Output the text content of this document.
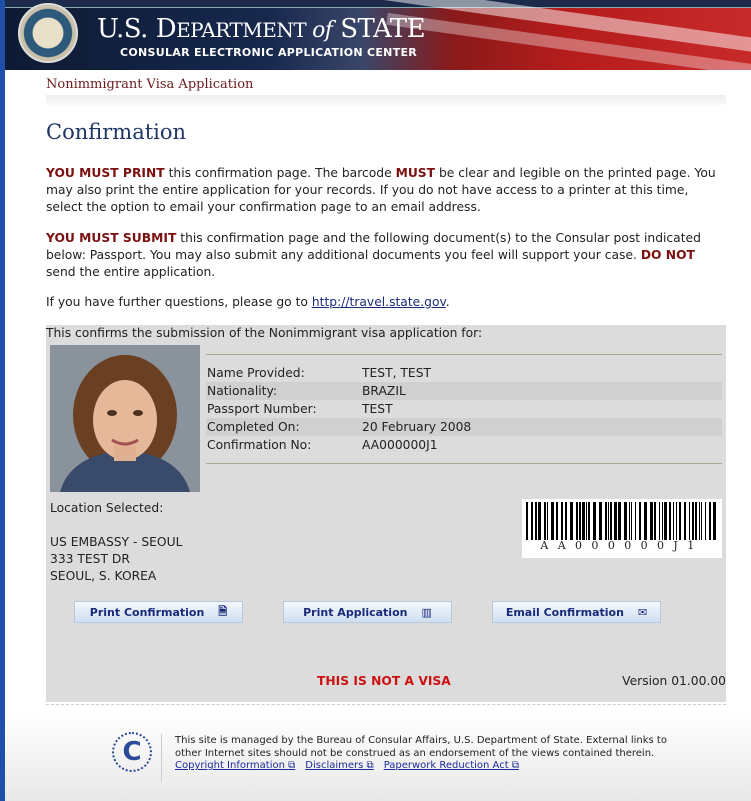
U.S. DEPARTMENT of STATE
CONSULAR ELECTRONIC APPLICATION CENTER
Nonimmigrant Visa Application
Confirmation
YOU MUST PRINT this confirmation page. The barcode MUST be clear and legible on the printed page. You may also print the entire application for your records. If you do not have access to a printer at this time, select the option to email your confirmation page to an email address.
YOU MUST SUBMIT this confirmation page and the following document(s) to the Consular post indicated below: Passport. You may also submit any additional documents you feel will support your case. DO NOT send the entire application.
If you have further questions, please go to http://travel.state.gov.
This confirms the submission of the Nonimmigrant visa application for:
Name Provided:	TEST, TEST
Nationality:	BRAZIL
Passport Number:	TEST
Completed On:	20 February 2008
Confirmation No:	AA000000J1
Location Selected:

US EMBASSY - SEOUL
333 TEST DR
SEOUL, S. KOREA
AA000000J1
Print Confirmation 🗎	Print Application ▥	Email Confirmation ✉
THIS IS NOT A VISA	Version 01.00.00
C	This site is managed by the Bureau of Consular Affairs, U.S. Department of State. External links to other Internet sites should not be construed as an endorsement of the views contained therein.
Copyright Information ⧉ Disclaimers ⧉ Paperwork Reduction Act ⧉
